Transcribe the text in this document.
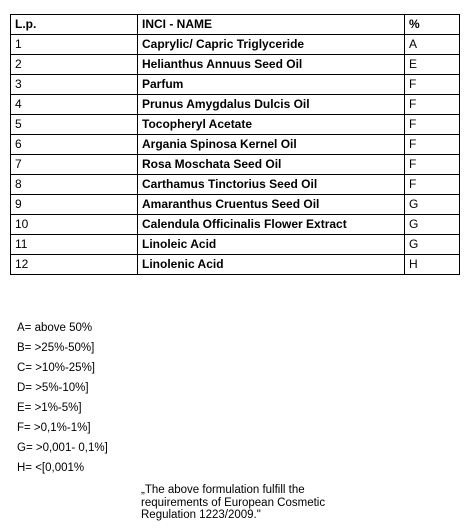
L.p.	INCI - NAME	%
1	Caprylic/ Capric Triglyceride	A
2	Helianthus Annuus Seed Oil	E
3	Parfum	F
4	Prunus Amygdalus Dulcis Oil	F
5	Tocopheryl Acetate	F
6	Argania Spinosa Kernel Oil	F
7	Rosa Moschata Seed Oil	F
8	Carthamus Tinctorius Seed Oil	F
9	Amaranthus Cruentus Seed Oil	G
10	Calendula Officinalis Flower Extract	G
11	Linoleic Acid	G
12	Linolenic Acid	H
A= above 50%
B= >25%-50%]
C= >10%-25%]
D= >5%-10%]
E= >1%-5%]
F= >0,1%-1%]
G= >0,001- 0,1%]
H= <[0,001%
„The above formulation fulfill the
requirements of European Cosmetic
Regulation 1223/2009."
